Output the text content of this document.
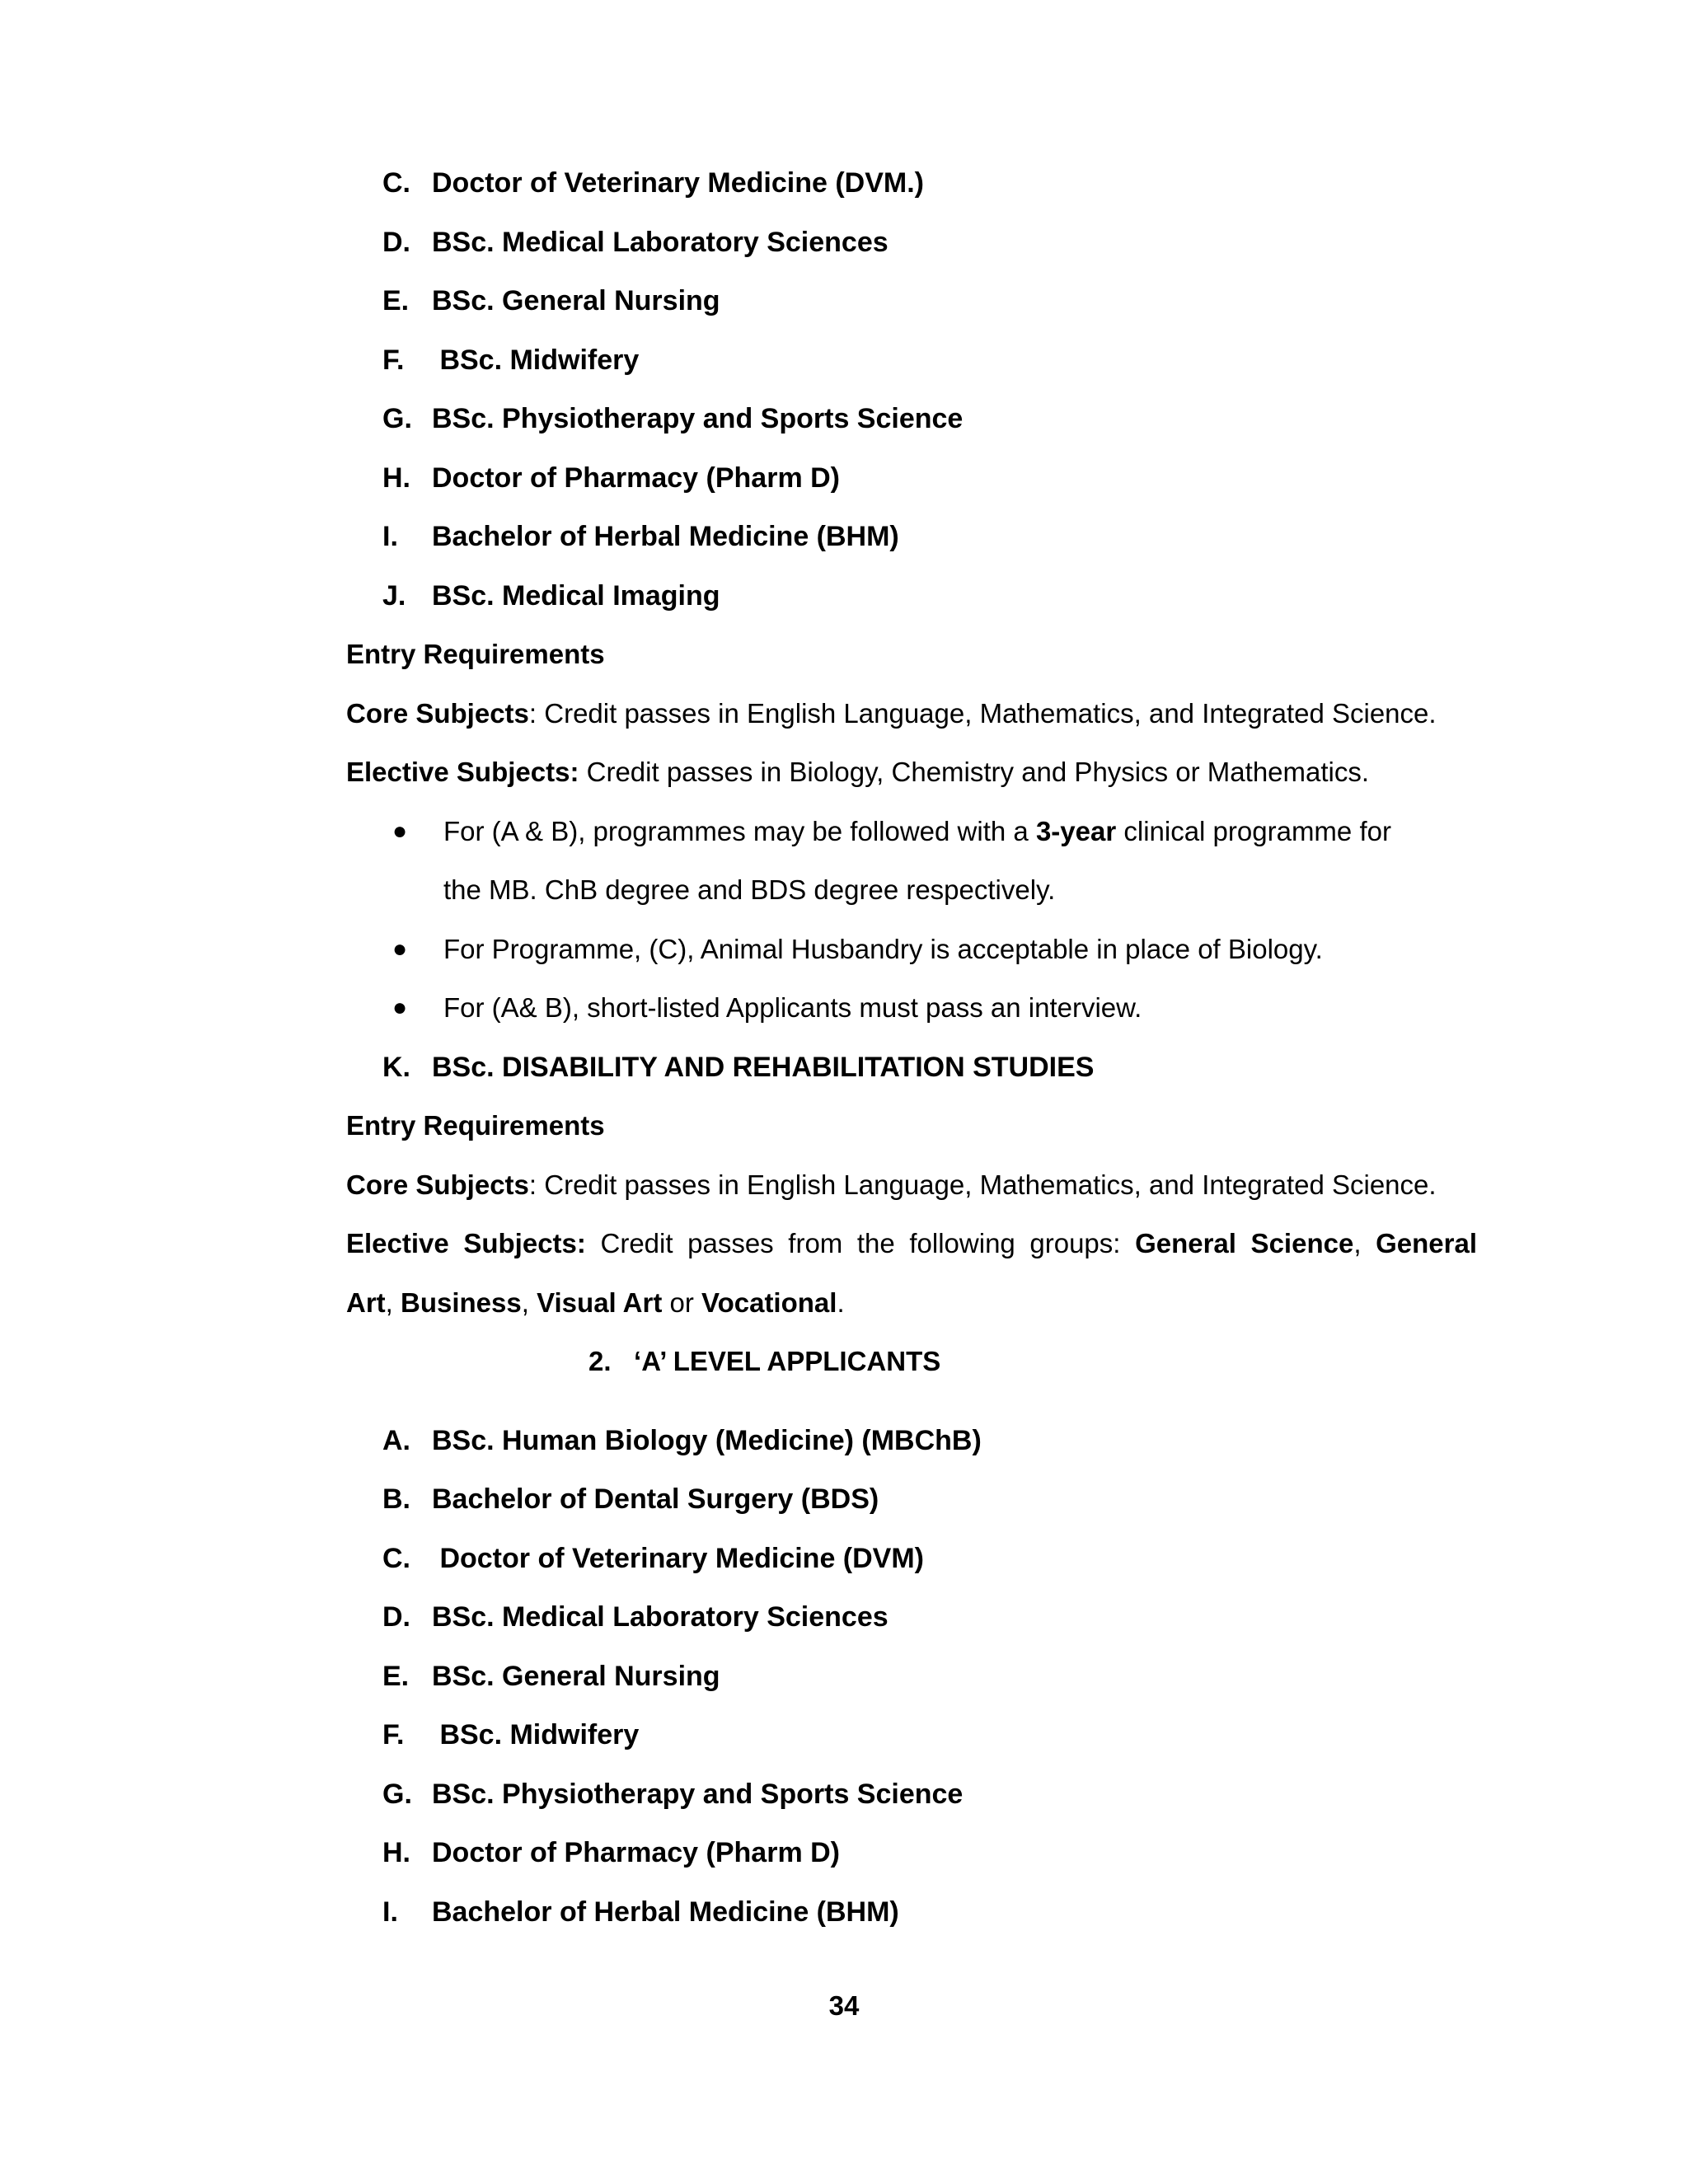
C. Doctor of Veterinary Medicine (DVM.)
D. BSc. Medical Laboratory Sciences
E. BSc. General Nursing
F. BSc. Midwifery
G. BSc. Physiotherapy and Sports Science
H. Doctor of Pharmacy (Pharm D)
I. Bachelor of Herbal Medicine (BHM)
J. BSc. Medical Imaging
Entry Requirements
Core Subjects: Credit passes in English Language, Mathematics, and Integrated Science.
Elective Subjects: Credit passes in Biology, Chemistry and Physics or Mathematics.
● For (A & B), programmes may be followed with a 3-year clinical programme for
the MB. ChB degree and BDS degree respectively.
● For Programme, (C), Animal Husbandry is acceptable in place of Biology.
● For (A& B), short-listed Applicants must pass an interview.
K. BSc. DISABILITY AND REHABILITATION STUDIES
Entry Requirements
Core Subjects: Credit passes in English Language, Mathematics, and Integrated Science.
Elective Subjects: Credit passes from the following groups: General Science, General
Art, Business, Visual Art or Vocational.
2.   ‘A’ LEVEL APPLICANTS
A. BSc. Human Biology (Medicine) (MBChB)
B. Bachelor of Dental Surgery (BDS)
C. Doctor of Veterinary Medicine (DVM)
D. BSc. Medical Laboratory Sciences
E. BSc. General Nursing
F. BSc. Midwifery
G. BSc. Physiotherapy and Sports Science
H. Doctor of Pharmacy (Pharm D)
I. Bachelor of Herbal Medicine (BHM)
34
